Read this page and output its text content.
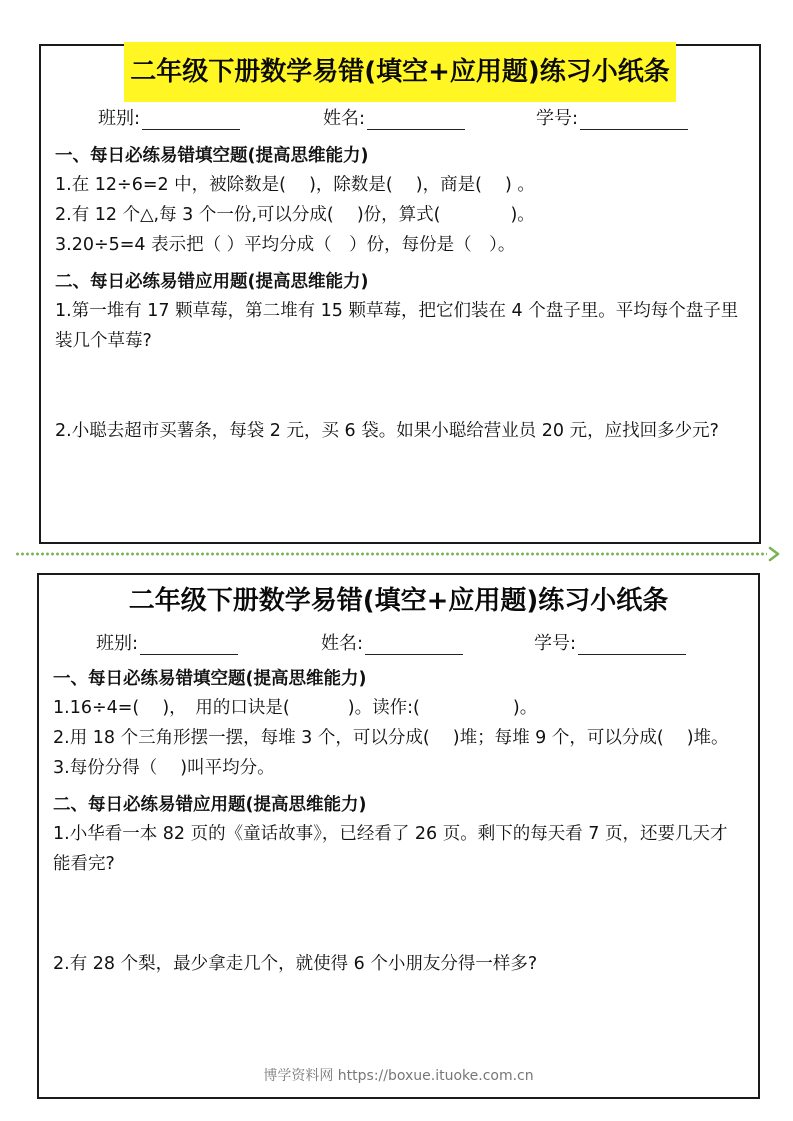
二年级下册数学易错(填空+应用题)练习小纸条
班别:	姓名:	学号:

一、每日必练易错填空题(提高思维能力)

1.在 12÷6=2 中，被除数是(　 )，除数是(　 )，商是(　 ) 。

2.有 12 个△,每 3 个一份,可以分成(　 )份，算式(　　　　)。

3.20÷5=4 表示把（ ）平均分成（　）份，每份是（　）。

二、每日必练易错应用题(提高思维能力)

1.第一堆有 17 颗草莓，第二堆有 15 颗草莓，把它们装在 4 个盘子里。平均每个盘子里装几个草莓?

2.小聪去超市买薯条，每袋 2 元，买 6 袋。如果小聪给营业员 20 元，应找回多少元?

二年级下册数学易错(填空+应用题)练习小纸条
班别:	姓名:	学号:

一、每日必练易错填空题(提高思维能力)

1.16÷4=(　 )，　用的口诀是(　　　 )。读作:(　　　　　 )。

2.用 18 个三角形摆一摆，每堆 3 个，可以分成(　 )堆；每堆 9 个，可以分成(　 )堆。

3.每份分得（　 )叫平均分。

二、每日必练易错应用题(提高思维能力)

1.小华看一本 82 页的《童话故事》，已经看了 26 页。剩下的每天看 7 页，还要几天才能看完?

2.有 28 个梨，最少拿走几个，就使得 6 个小朋友分得一样多?

博学资料网 https://boxue.ituoke.com.cn
